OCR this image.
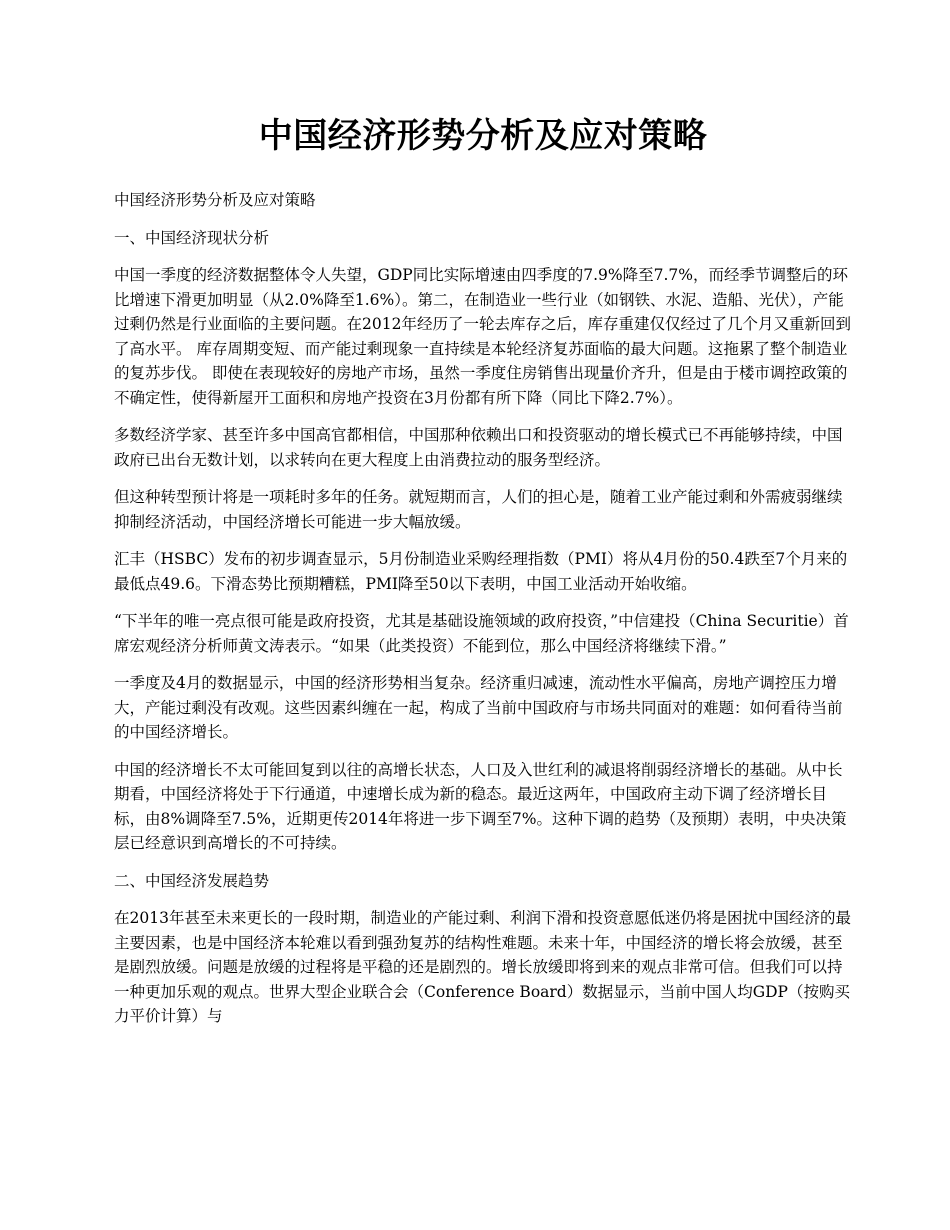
中国经济形势分析及应对策略

中国经济形势分析及应对策略

一、中国经济现状分析

中国一季度的经济数据整体令人失望，GDP同比实际增速由四季度的7.9%降至7.7%，而经季节调整后的环比增速下滑更加明显（从2.0%降至1.6%）。第二，在制造业一些行业（如钢铁、水泥、造船、光伏），产能过剩仍然是行业面临的主要问题。在2012年经历了一轮去库存之后，库存重建仅仅经过了几个月又重新回到了高水平。 库存周期变短、而产能过剩现象一直持续是本轮经济复苏面临的最大问题。这拖累了整个制造业的复苏步伐。 即使在表现较好的房地产市场，虽然一季度住房销售出现量价齐升，但是由于楼市调控政策的不确定性，使得新屋开工面积和房地产投资在3月份都有所下降（同比下降2.7%）。

多数经济学家、甚至许多中国高官都相信，中国那种依赖出口和投资驱动的增长模式已不再能够持续，中国政府已出台无数计划，以求转向在更大程度上由消费拉动的服务型经济。

但这种转型预计将是一项耗时多年的任务。就短期而言，人们的担心是，随着工业产能过剩和外需疲弱继续抑制经济活动，中国经济增长可能进一步大幅放缓。

汇丰（HSBC）发布的初步调查显示，5月份制造业采购经理指数（PMI）将从4月份的50.4跌至7个月来的最低点49.6。下滑态势比预期糟糕，PMI降至50以下表明，中国工业活动开始收缩。

“下半年的唯一亮点很可能是政府投资，尤其是基础设施领域的政府投资，”中信建投（China Securitie）首席宏观经济分析师黄文涛表示。“如果（此类投资）不能到位，那么中国经济将继续下滑。”

一季度及4月的数据显示，中国的经济形势相当复杂。经济重归减速，流动性水平偏高，房地产调控压力增大，产能过剩没有改观。这些因素纠缠在一起，构成了当前中国政府与市场共同面对的难题：如何看待当前的中国经济增长。

中国的经济增长不太可能回复到以往的高增长状态，人口及入世红利的减退将削弱经济增长的基础。从中长期看，中国经济将处于下行通道，中速增长成为新的稳态。最近这两年，中国政府主动下调了经济增长目标，由8%调降至7.5%，近期更传2014年将进一步下调至7%。这种下调的趋势（及预期）表明，中央决策层已经意识到高增长的不可持续。

二、中国经济发展趋势

在2013年甚至未来更长的一段时期，制造业的产能过剩、利润下滑和投资意愿低迷仍将是困扰中国经济的最主要因素，也是中国经济本轮难以看到强劲复苏的结构性难题。未来十年，中国经济的增长将会放缓，甚至是剧烈放缓。问题是放缓的过程将是平稳的还是剧烈的。增长放缓即将到来的观点非常可信。但我们可以持一种更加乐观的观点。世界大型企业联合会（Conference Board）数据显示，当前中国人均GDP（按购买力平价计算）与
